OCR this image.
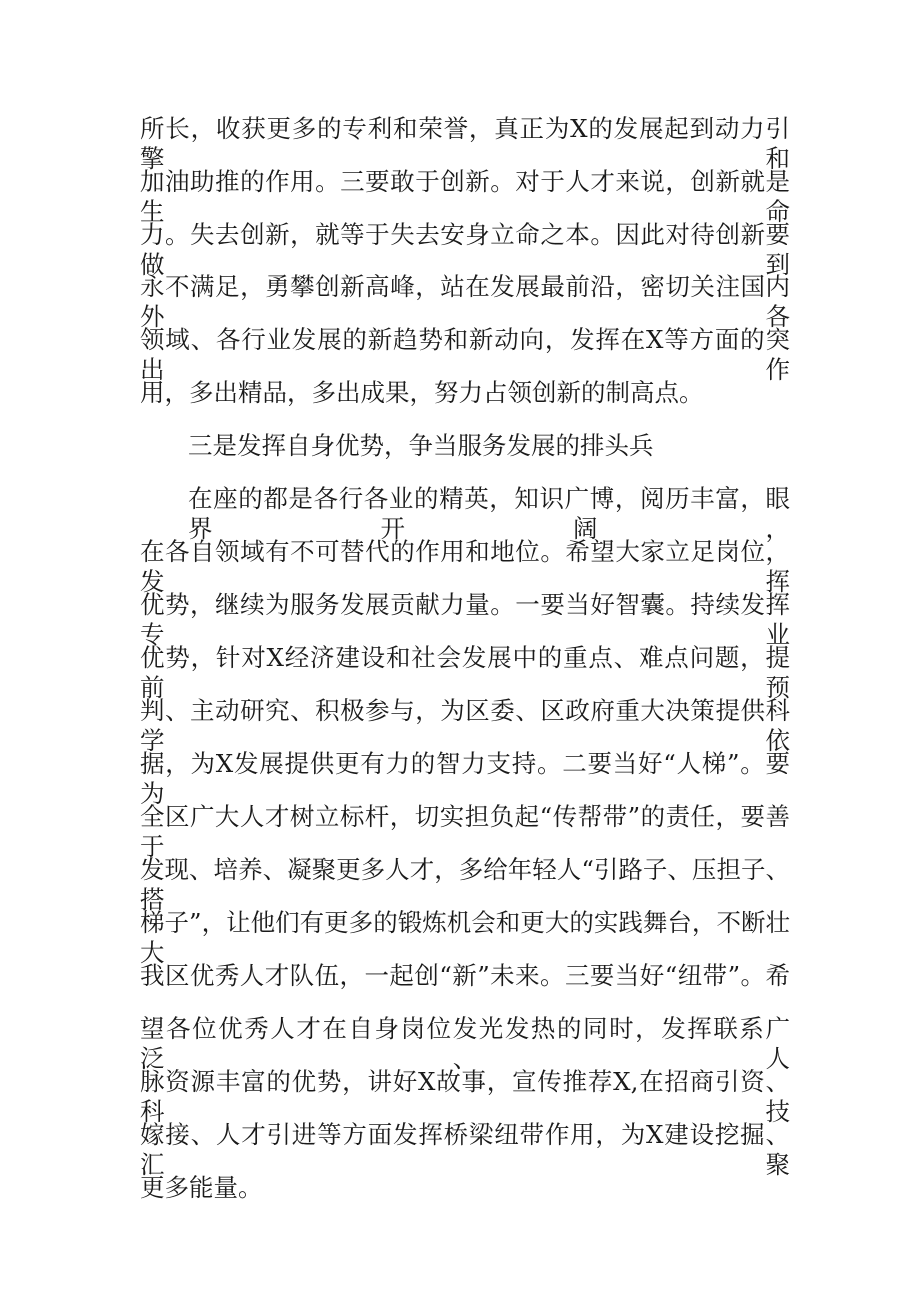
所长，收获更多的专利和荣誉，真正为X的发展起到动力引擎和
加油助推的作用。三要敢于创新。对于人才来说，创新就是生命
力。失去创新，就等于失去安身立命之本。因此对待创新要做到
永不满足，勇攀创新高峰，站在发展最前沿，密切关注国内外各
领域、各行业发展的新趋势和新动向，发挥在X等方面的突出作
用，多出精品，多出成果，努力占领创新的制高点。
三是发挥自身优势，争当服务发展的排头兵
在座的都是各行各业的精英，知识广博，阅历丰富，眼界开阔，
在各自领域有不可替代的作用和地位。希望大家立足岗位，发挥
优势，继续为服务发展贡献力量。一要当好智囊。持续发挥专业
优势，针对X经济建设和社会发展中的重点、难点问题，提前预
判、主动研究、积极参与，为区委、区政府重大决策提供科学依
据，为X发展提供更有力的智力支持。二要当好“人梯”。要为
全区广大人才树立标杆，切实担负起“传帮带”的责任，要善于
发现、培养、凝聚更多人才，多给年轻人“引路子、压担子、搭
梯子”，让他们有更多的锻炼机会和更大的实践舞台，不断壮大
我区优秀人才队伍，一起创“新”未来。三要当好“纽带”。希
望各位优秀人才在自身岗位发光发热的同时，发挥联系广泛、人
脉资源丰富的优势，讲好X故事，宣传推荐X,在招商引资、科技
嫁接、人才引进等方面发挥桥梁纽带作用，为X建设挖掘、汇聚
更多能量。
